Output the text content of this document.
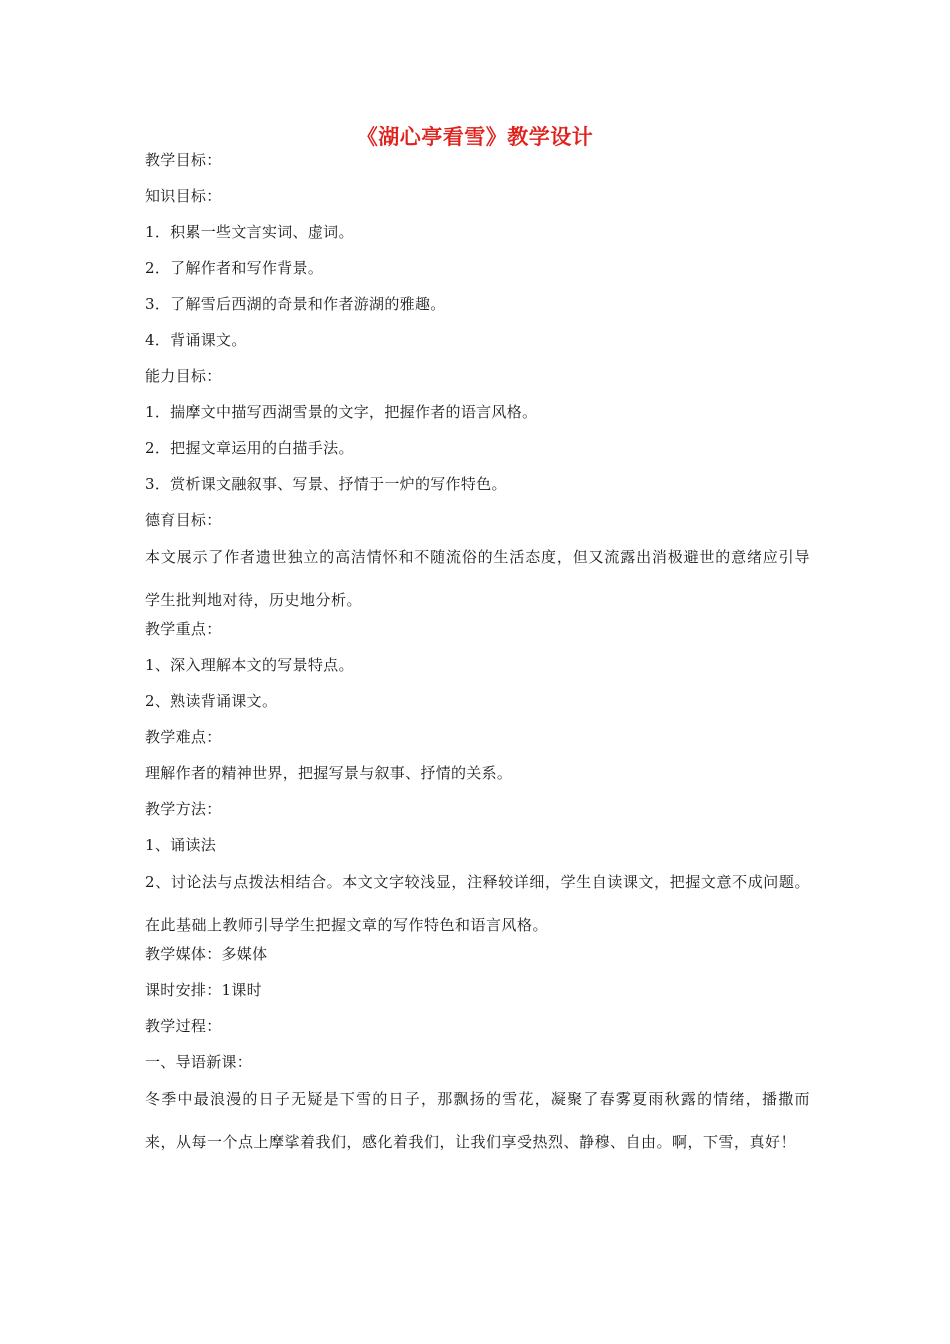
《湖心亭看雪》教学设计
教学目标：
知识目标：
1．积累一些文言实词、虚词。
2．了解作者和写作背景。
3．了解雪后西湖的奇景和作者游湖的雅趣。
4．背诵课文。
能力目标：
1．揣摩文中描写西湖雪景的文字，把握作者的语言风格。
2．把握文章运用的白描手法。
3．赏析课文融叙事、写景、抒情于一炉的写作特色。
德育目标：
本文展示了作者遗世独立的高洁情怀和不随流俗的生活态度，但又流露出消极避世的意绪应引导学生批判地对待，历史地分析。
教学重点：
1、深入理解本文的写景特点。
2、熟读背诵课文。
教学难点：
理解作者的精神世界，把握写景与叙事、抒情的关系。
教学方法：
1、诵读法
2、讨论法与点拨法相结合。本文文字较浅显，注释较详细，学生自读课文，把握文意不成问题。在此基础上教师引导学生把握文章的写作特色和语言风格。
教学媒体：多媒体
课时安排：1课时
教学过程：
一、导语新课：
冬季中最浪漫的日子无疑是下雪的日子，那飘扬的雪花，凝聚了春雾夏雨秋露的情绪，播撒而来，从每一个点上摩挲着我们，感化着我们，让我们享受热烈、静穆、自由。啊，下雪，真好！
